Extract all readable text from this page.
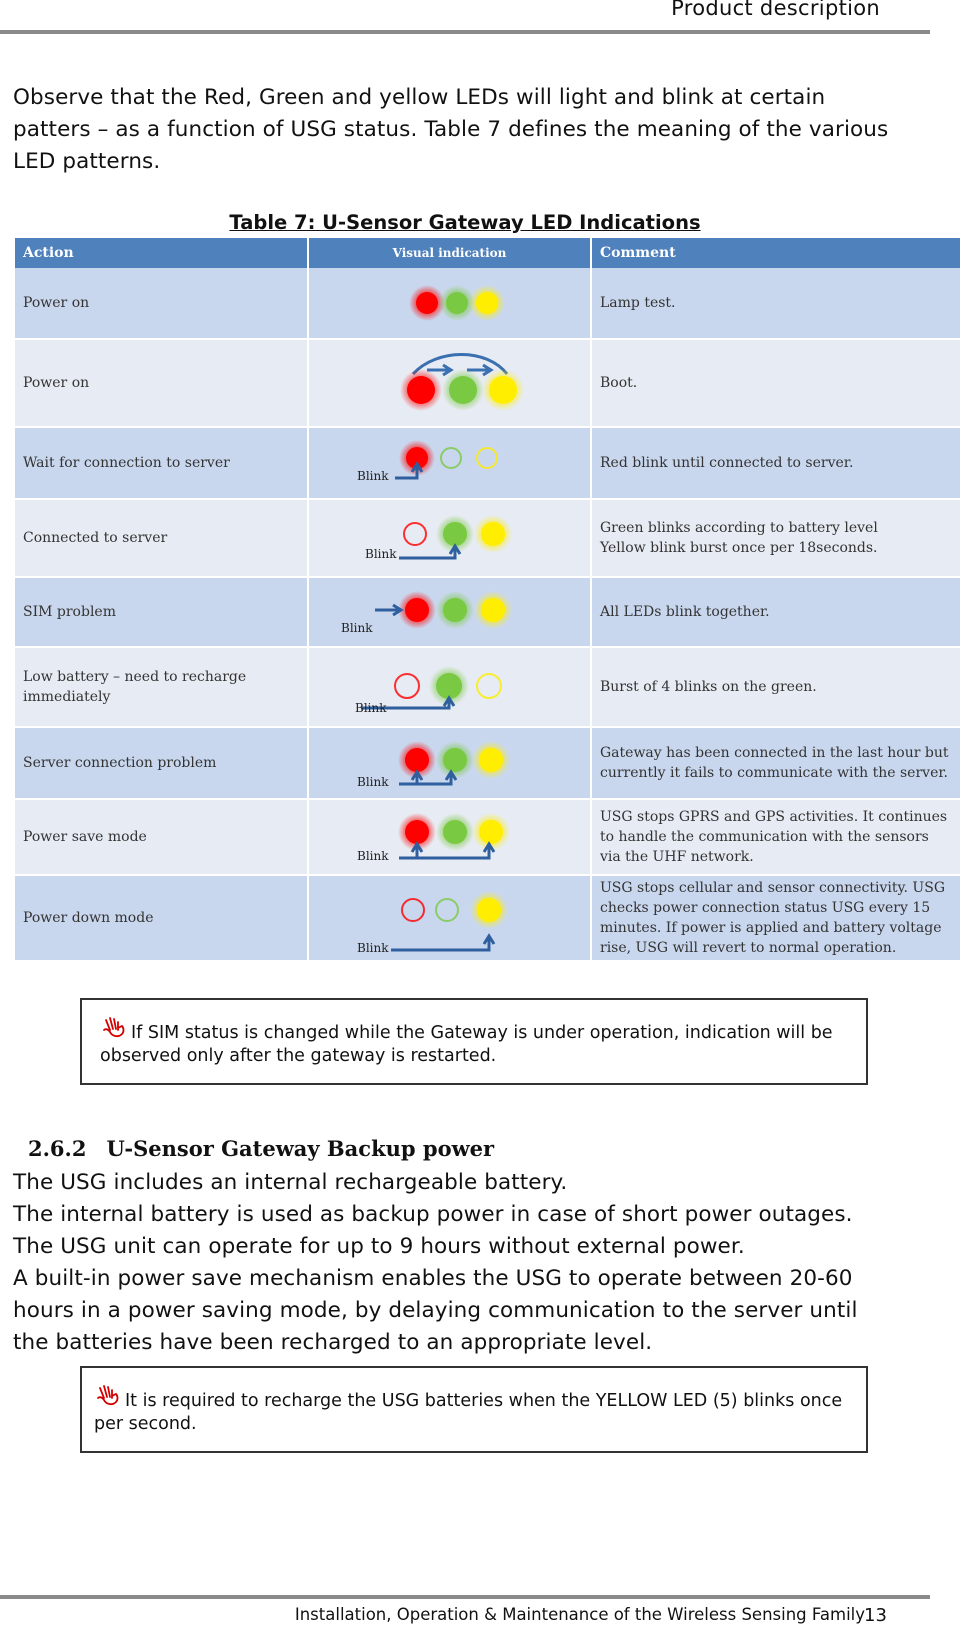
Product description
Observe that the Red, Green and yellow LEDs will light and blink at certain patters – as a function of USG status. Table 7 defines the meaning of the various LED patterns.
Table 7: U-Sensor Gateway LED Indications
Action	Visual indication	Comment
Power on		Lamp test.
Power on		Boot.
Wait for connection to server	Blink	Red blink until connected to server.
Connected to server	Blink	Green blinks according to battery level
Yellow blink burst once per 18seconds.
SIM problem	Blink	All LEDs blink together.
Low battery – need to recharge immediately	Blink	Burst of 4 blinks on the green.
Server connection problem	Blink	Gateway has been connected in the last hour but currently it fails to communicate with the server.
Power save mode	Blink	USG stops GPRS and GPS activities. It continues to handle the communication with the sensors via the UHF network.
Power down mode	Blink	USG stops cellular and sensor connectivity. USG checks power connection status USG every 15 minutes. If power is applied and battery voltage rise, USG will revert to normal operation.
If SIM status is changed while the Gateway is under operation, indication will be observed only after the gateway is restarted.
2.6.2 U-Sensor Gateway Backup power
The USG includes an internal rechargeable battery.
The internal battery is used as backup power in case of short power outages.
The USG unit can operate for up to 9 hours without external power.
A built-in power save mechanism enables the USG to operate between 20-60
hours in a power saving mode, by delaying communication to the server until
the batteries have been recharged to an appropriate level.
It is required to recharge the USG batteries when the YELLOW LED (5) blinks once per second.
Installation, Operation & Maintenance of the Wireless Sensing Family 13
